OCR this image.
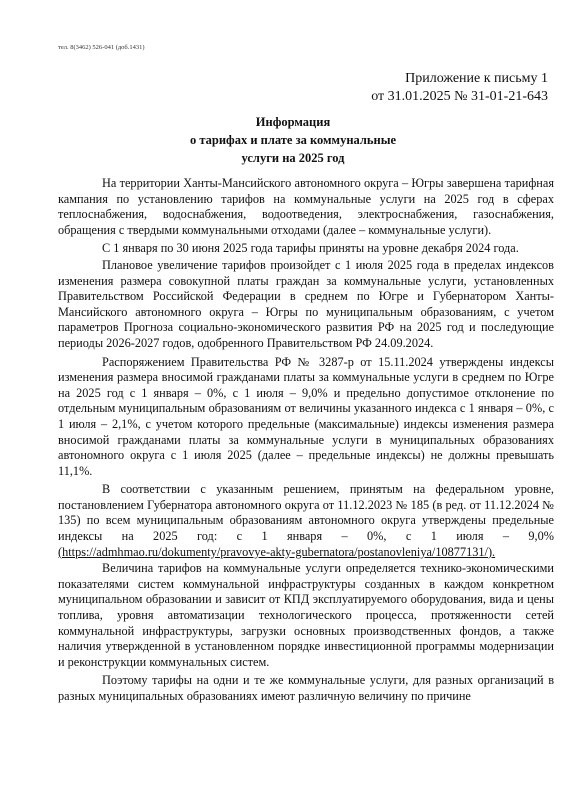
тел. 8(3462) 526-041 (доб.1431)
Приложение к письму 1
от 31.01.2025 № 31-01-21-643
Информация
о тарифах и плате за коммунальные
услуги на 2025 год

На территории Ханты-Мансийского автономного округа – Югры завершена тарифная кампания по установлению тарифов на коммунальные услуги на 2025 год в сферах теплоснабжения, водоснабжения, водоотведения, электроснабжения, газоснабжения, обращения с твердыми коммунальными отходами (далее – коммунальные услуги).

С 1 января по 30 июня 2025 года тарифы приняты на уровне декабря 2024 года.

Плановое увеличение тарифов произойдет с 1 июля 2025 года в пределах индексов изменения размера совокупной платы граждан за коммунальные услуги, установленных Правительством Российской Федерации в среднем по Югре и Губернатором Ханты-Мансийского автономного округа – Югры по муниципальным образованиям, с учетом параметров Прогноза социально-экономического развития РФ на 2025 год и последующие периоды 2026-2027 годов, одобренного Правительством РФ 24.09.2024.

Распоряжением Правительства РФ № 3287-р от 15.11.2024 утверждены индексы изменения размера вносимой гражданами платы за коммунальные услуги в среднем по Югре на 2025 год с 1 января – 0%, с 1 июля – 9,0% и предельно допустимое отклонение по отдельным муниципальным образованиям от величины указанного индекса с 1 января – 0%, с 1 июля – 2,1%, с учетом которого предельные (максимальные) индексы изменения размера вносимой гражданами платы за коммунальные услуги в муниципальных образованиях автономного округа с 1 июля 2025 (далее – предельные индексы) не должны превышать 11,1%.

В соответствии с указанным решением, принятым на федеральном уровне, постановлением Губернатора автономного округа от 11.12.2023 № 185 (в ред. от 11.12.2024 № 135) по всем муниципальным образованиям автономного округа утверждены предельные индексы на 2025 год: с 1 января – 0%, с 1 июля – 9,0% (https://admhmao.ru/dokumenty/pravovye-akty-gubernatora/postanovleniya/10877131/).

Величина тарифов на коммунальные услуги определяется технико-экономическими показателями систем коммунальной инфраструктуры созданных в каждом конкретном муниципальном образовании и зависит от КПД эксплуатируемого оборудования, вида и цены топлива, уровня автоматизации технологического процесса, протяженности сетей коммунальной инфраструктуры, загрузки основных производственных фондов, а также наличия утвержденной в установленном порядке инвестиционной программы модернизации и реконструкции коммунальных систем.

Поэтому тарифы на одни и те же коммунальные услуги, для разных организаций в разных муниципальных образованиях имеют различную величину по причине
